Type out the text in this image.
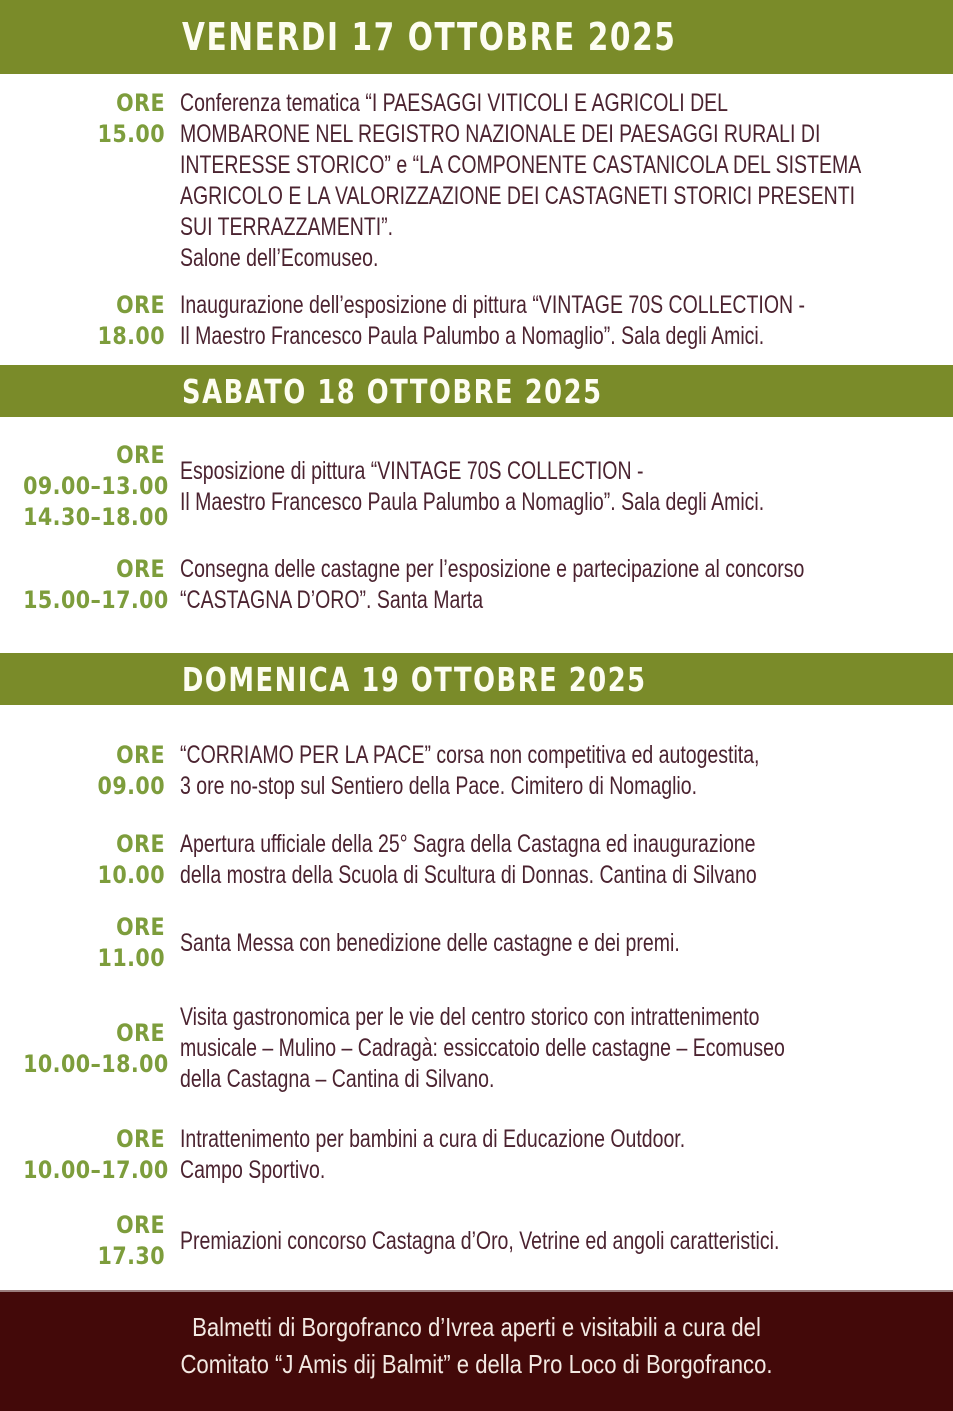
VENERDI 17 OTTOBRE 2025
ORE
15.00
Conferenza tematica “I PAESAGGI VITICOLI E AGRICOLI DEL
MOMBARONE NEL REGISTRO NAZIONALE DEI PAESAGGI RURALI DI
INTERESSE STORICO” e “LA COMPONENTE CASTANICOLA DEL SISTEMA
AGRICOLO E LA VALORIZZAZIONE DEI CASTAGNETI STORICI PRESENTI
SUI TERRAZZAMENTI”.
Salone dell’Ecomuseo.
ORE
18.00
Inaugurazione dell’esposizione di pittura “VINTAGE 70S COLLECTION -
Il Maestro Francesco Paula Palumbo a Nomaglio”. Sala degli Amici.
SABATO 18 OTTOBRE 2025
ORE
09.00–13.00
14.30–18.00
Esposizione di pittura “VINTAGE 70S COLLECTION -
Il Maestro Francesco Paula Palumbo a Nomaglio”. Sala degli Amici.
ORE
15.00–17.00
Consegna delle castagne per l’esposizione e partecipazione al concorso
“CASTAGNA D’ORO”. Santa Marta
DOMENICA 19 OTTOBRE 2025
ORE
09.00
“CORRIAMO PER LA PACE” corsa non competitiva ed autogestita,
3 ore no-stop sul Sentiero della Pace. Cimitero di Nomaglio.
ORE
10.00
Apertura ufficiale della 25° Sagra della Castagna ed inaugurazione
della mostra della Scuola di Scultura di Donnas. Cantina di Silvano
ORE
11.00
Santa Messa con benedizione delle castagne e dei premi.
ORE
10.00–18.00
Visita gastronomica per le vie del centro storico con intrattenimento
musicale – Mulino – Cadragà: essiccatoio delle castagne – Ecomuseo
della Castagna – Cantina di Silvano.
ORE
10.00–17.00
Intrattenimento per bambini a cura di Educazione Outdoor.
Campo Sportivo.
ORE
17.30
Premiazioni concorso Castagna d’Oro, Vetrine ed angoli caratteristici.
Balmetti di Borgofranco d’Ivrea aperti e visitabili a cura del
Comitato “J Amis dij Balmit” e della Pro Loco di Borgofranco.
